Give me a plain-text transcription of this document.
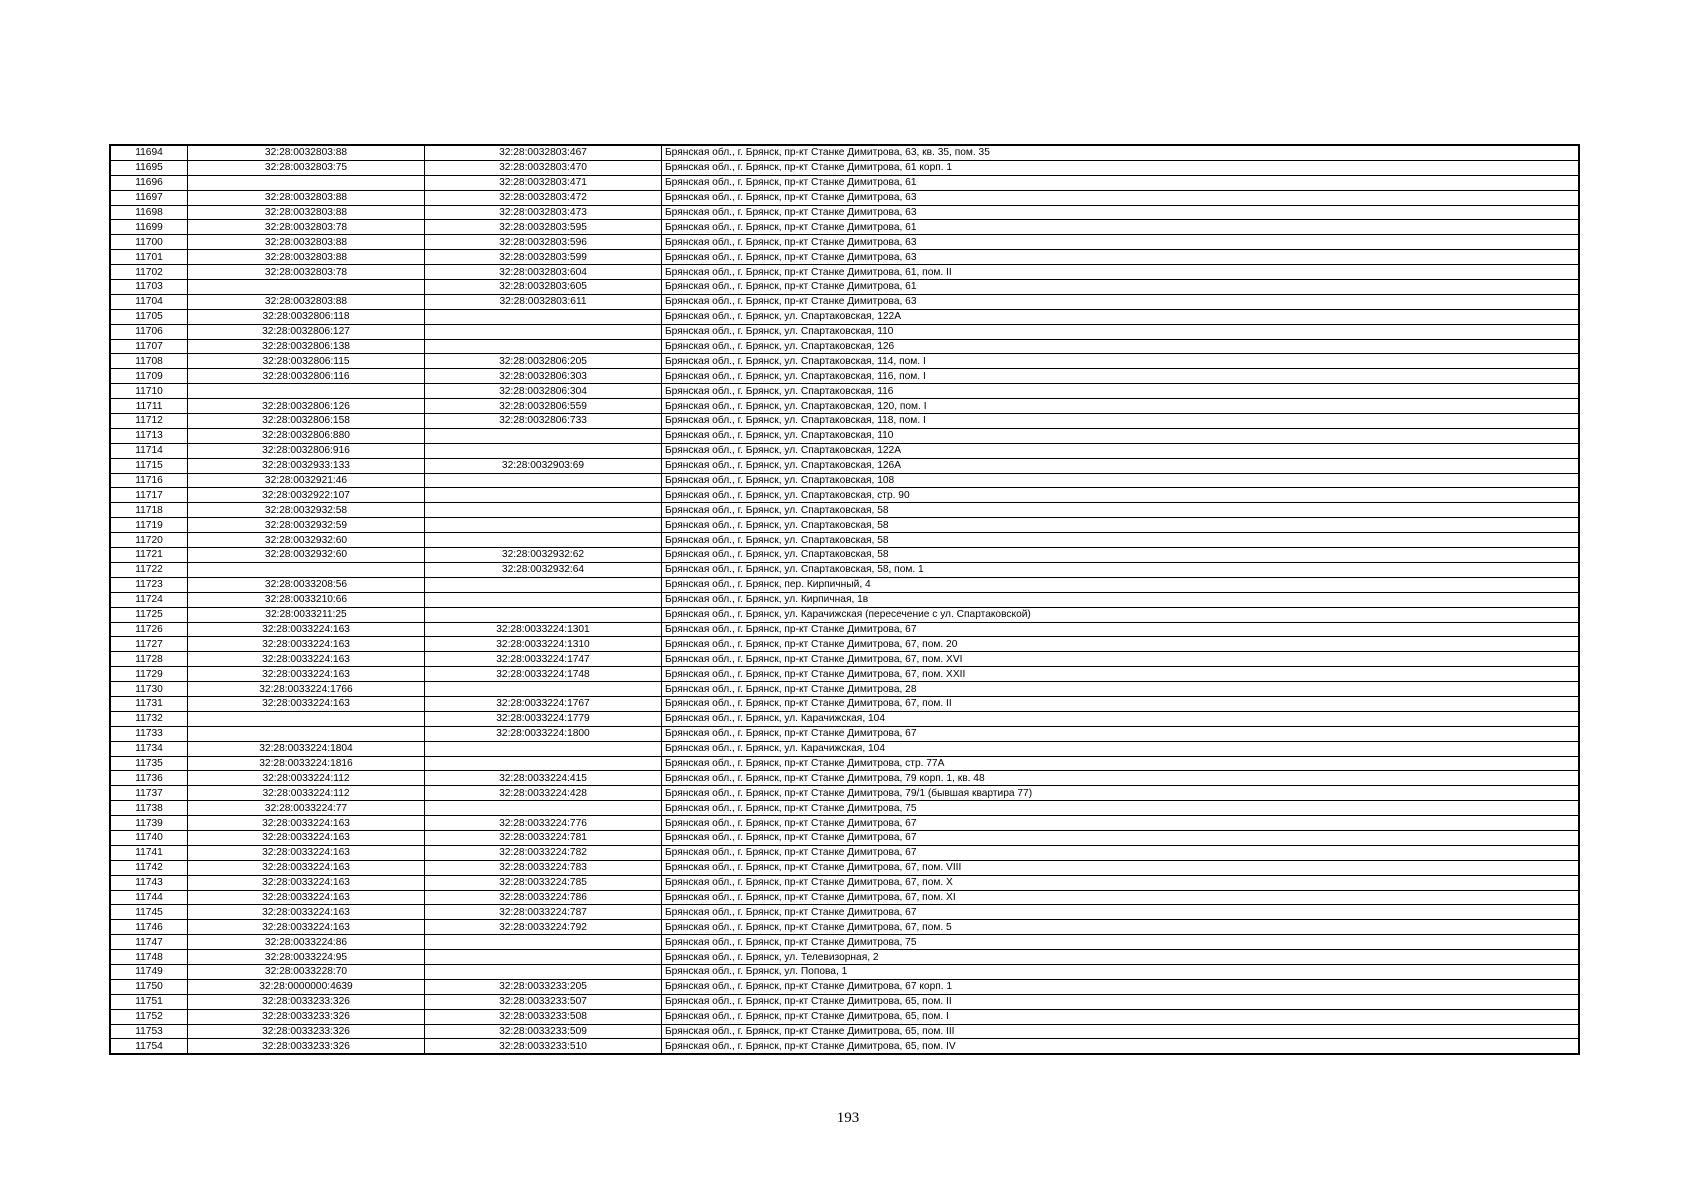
11694	32:28:0032803:88	32:28:0032803:467	Брянская обл., г. Брянск, пр-кт Станке Димитрова, 63, кв. 35, пом. 35
11695	32:28:0032803:75	32:28:0032803:470	Брянская обл., г. Брянск, пр-кт Станке Димитрова, 61 корп. 1
11696		32:28:0032803:471	Брянская обл., г. Брянск, пр-кт Станке Димитрова, 61
11697	32:28:0032803:88	32:28:0032803:472	Брянская обл., г. Брянск, пр-кт Станке Димитрова, 63
11698	32:28:0032803:88	32:28:0032803:473	Брянская обл., г. Брянск, пр-кт Станке Димитрова, 63
11699	32:28:0032803:78	32:28:0032803:595	Брянская обл., г. Брянск, пр-кт Станке Димитрова, 61
11700	32:28:0032803:88	32:28:0032803:596	Брянская обл., г. Брянск, пр-кт Станке Димитрова, 63
11701	32:28:0032803:88	32:28:0032803:599	Брянская обл., г. Брянск, пр-кт Станке Димитрова, 63
11702	32:28:0032803:78	32:28:0032803:604	Брянская обл., г. Брянск, пр-кт Станке Димитрова, 61, пом. II
11703		32:28:0032803:605	Брянская обл., г. Брянск, пр-кт Станке Димитрова, 61
11704	32:28:0032803:88	32:28:0032803:611	Брянская обл., г. Брянск, пр-кт Станке Димитрова, 63
11705	32:28:0032806:118		Брянская обл., г. Брянск, ул. Спартаковская, 122А
11706	32:28:0032806:127		Брянская обл., г. Брянск, ул. Спартаковская, 110
11707	32:28:0032806:138		Брянская обл., г. Брянск, ул. Спартаковская, 126
11708	32:28:0032806:115	32:28:0032806:205	Брянская обл., г. Брянск, ул. Спартаковская, 114, пом. I
11709	32:28:0032806:116	32:28:0032806:303	Брянская обл., г. Брянск, ул. Спартаковская, 116, пом. I
11710		32:28:0032806:304	Брянская обл., г. Брянск, ул. Спартаковская, 116
11711	32:28:0032806:126	32:28:0032806:559	Брянская обл., г. Брянск, ул. Спартаковская, 120, пом. I
11712	32:28:0032806:158	32:28:0032806:733	Брянская обл., г. Брянск, ул. Спартаковская, 118, пом. I
11713	32:28:0032806:880		Брянская обл., г. Брянск, ул. Спартаковская, 110
11714	32:28:0032806:916		Брянская обл., г. Брянск, ул. Спартаковская, 122А
11715	32:28:0032933:133	32:28:0032903:69	Брянская обл., г. Брянск, ул. Спартаковская, 126А
11716	32:28:0032921:46		Брянская обл., г. Брянск, ул. Спартаковская, 108
11717	32:28:0032922:107		Брянская обл., г. Брянск, ул. Спартаковская, стр. 90
11718	32:28:0032932:58		Брянская обл., г. Брянск, ул. Спартаковская, 58
11719	32:28:0032932:59		Брянская обл., г. Брянск, ул. Спартаковская, 58
11720	32:28:0032932:60		Брянская обл., г. Брянск, ул. Спартаковская, 58
11721	32:28:0032932:60	32:28:0032932:62	Брянская обл., г. Брянск, ул. Спартаковская, 58
11722		32:28:0032932:64	Брянская обл., г. Брянск, ул. Спартаковская, 58, пом. 1
11723	32:28:0033208:56		Брянская обл., г. Брянск, пер. Кирпичный, 4
11724	32:28:0033210:66		Брянская обл., г. Брянск, ул. Кирпичная, 1в
11725	32:28:0033211:25		Брянская обл., г. Брянск, ул. Карачижская (пересечение с ул. Спартаковской)
11726	32:28:0033224:163	32:28:0033224:1301	Брянская обл., г. Брянск, пр-кт Станке Димитрова, 67
11727	32:28:0033224:163	32:28:0033224:1310	Брянская обл., г. Брянск, пр-кт Станке Димитрова, 67, пом. 20
11728	32:28:0033224:163	32:28:0033224:1747	Брянская обл., г. Брянск, пр-кт Станке Димитрова, 67, пом. XVI
11729	32:28:0033224:163	32:28:0033224:1748	Брянская обл., г. Брянск, пр-кт Станке Димитрова, 67, пом. XXII
11730	32:28:0033224:1766		Брянская обл., г. Брянск, пр-кт Станке Димитрова, 28
11731	32:28:0033224:163	32:28:0033224:1767	Брянская обл., г. Брянск, пр-кт Станке Димитрова, 67, пом. II
11732		32:28:0033224:1779	Брянская обл., г. Брянск, ул. Карачижская, 104
11733		32:28:0033224:1800	Брянская обл., г. Брянск, пр-кт Станке Димитрова, 67
11734	32:28:0033224:1804		Брянская обл., г. Брянск, ул. Карачижская, 104
11735	32:28:0033224:1816		Брянская обл., г. Брянск, пр-кт Станке Димитрова, стр. 77А
11736	32:28:0033224:112	32:28:0033224:415	Брянская обл., г. Брянск, пр-кт Станке Димитрова, 79 корп. 1, кв. 48
11737	32:28:0033224:112	32:28:0033224:428	Брянская обл., г. Брянск, пр-кт Станке Димитрова, 79/1 (бывшая квартира 77)
11738	32:28:0033224:77		Брянская обл., г. Брянск, пр-кт Станке Димитрова, 75
11739	32:28:0033224:163	32:28:0033224:776	Брянская обл., г. Брянск, пр-кт Станке Димитрова, 67
11740	32:28:0033224:163	32:28:0033224:781	Брянская обл., г. Брянск, пр-кт Станке Димитрова, 67
11741	32:28:0033224:163	32:28:0033224:782	Брянская обл., г. Брянск, пр-кт Станке Димитрова, 67
11742	32:28:0033224:163	32:28:0033224:783	Брянская обл., г. Брянск, пр-кт Станке Димитрова, 67, пом. VIII
11743	32:28:0033224:163	32:28:0033224:785	Брянская обл., г. Брянск, пр-кт Станке Димитрова, 67, пом. X
11744	32:28:0033224:163	32:28:0033224:786	Брянская обл., г. Брянск, пр-кт Станке Димитрова, 67, пом. XI
11745	32:28:0033224:163	32:28:0033224:787	Брянская обл., г. Брянск, пр-кт Станке Димитрова, 67
11746	32:28:0033224:163	32:28:0033224:792	Брянская обл., г. Брянск, пр-кт Станке Димитрова, 67, пом. 5
11747	32:28:0033224:86		Брянская обл., г. Брянск, пр-кт Станке Димитрова, 75
11748	32:28:0033224:95		Брянская обл., г. Брянск, ул. Телевизорная, 2
11749	32:28:0033228:70		Брянская обл., г. Брянск, ул. Попова, 1
11750	32:28:0000000:4639	32:28:0033233:205	Брянская обл., г. Брянск, пр-кт Станке Димитрова, 67 корп. 1
11751	32:28:0033233:326	32:28:0033233:507	Брянская обл., г. Брянск, пр-кт Станке Димитрова, 65, пом. II
11752	32:28:0033233:326	32:28:0033233:508	Брянская обл., г. Брянск, пр-кт Станке Димитрова, 65, пом. I
11753	32:28:0033233:326	32:28:0033233:509	Брянская обл., г. Брянск, пр-кт Станке Димитрова, 65, пом. III
11754	32:28:0033233:326	32:28:0033233:510	Брянская обл., г. Брянск, пр-кт Станке Димитрова, 65, пом. IV
193
